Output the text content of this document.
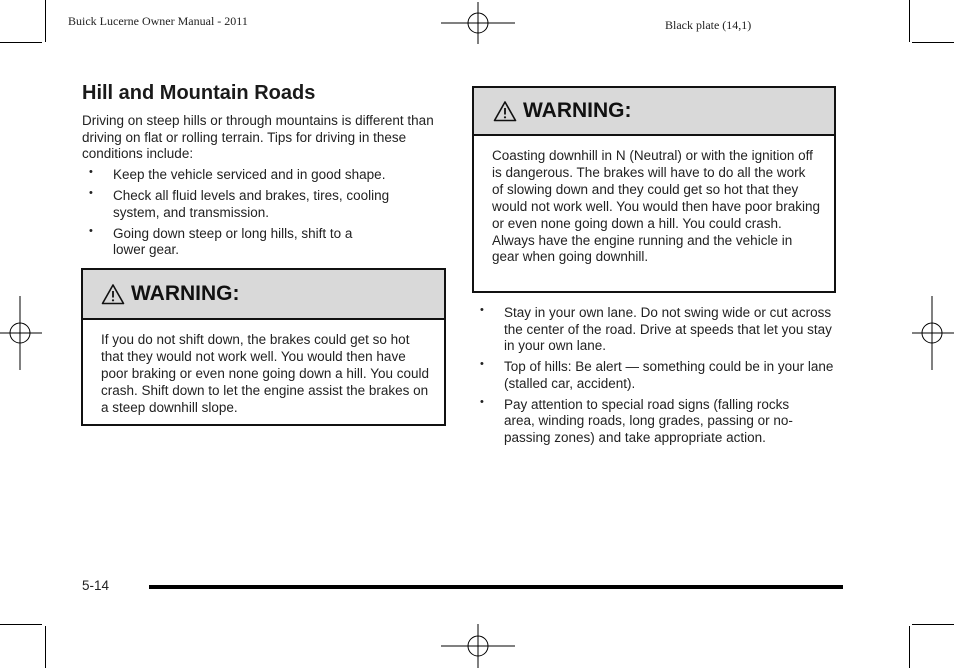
Buick Lucerne Owner Manual - 2011	Black plate (14,1)
Hill and Mountain Roads

Driving on steep hills or through mountains is different than driving on flat or rolling terrain. Tips for driving in these conditions include:

• Keep the vehicle serviced and in good shape.
• Check all fluid levels and brakes, tires, cooling system, and transmission.
• Going down steep or long hills, shift to a lower gear.
WARNING:
If you do not shift down, the brakes could get so hot that they would not work well. You would then have poor braking or even none going down a hill. You could crash. Shift down to let the engine assist the brakes on a steep downhill slope.
WARNING:
Coasting downhill in N (Neutral) or with the ignition off is dangerous. The brakes will have to do all the work of slowing down and they could get so hot that they would not work well. You would then have poor braking or even none going down a hill. You could crash. Always have the engine running and the vehicle in gear when going downhill.
• Stay in your own lane. Do not swing wide or cut across the center of the road. Drive at speeds that let you stay in your own lane.
• Top of hills: Be alert — something could be in your lane (stalled car, accident).
• Pay attention to special road signs (falling rocks area, winding roads, long grades, passing or no-passing zones) and take appropriate action.
5-14
